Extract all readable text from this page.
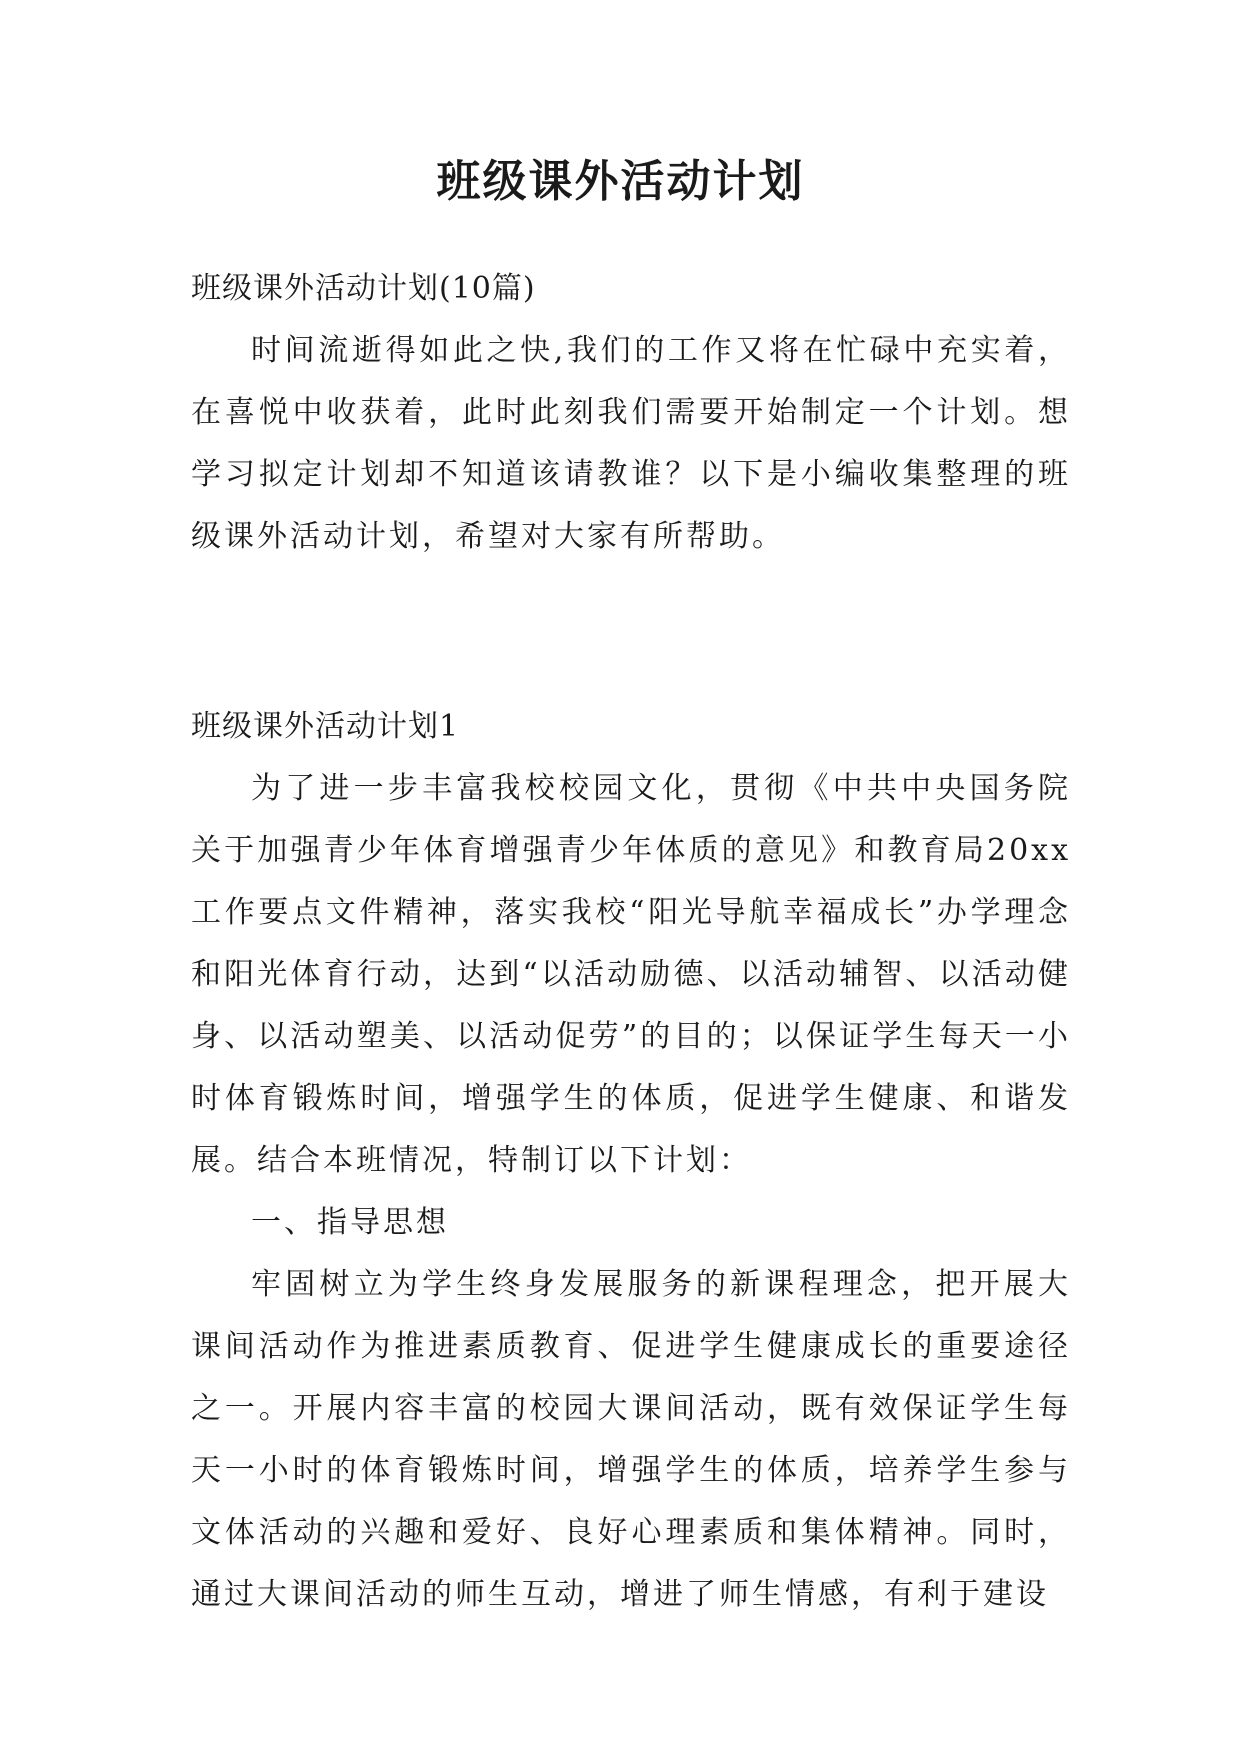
班级课外活动计划

班级课外活动计划(10篇)

时间流逝得如此之快,我们的工作又将在忙碌中充实着，在喜悦中收获着，此时此刻我们需要开始制定一个计划。想学习拟定计划却不知道该请教谁？以下是小编收集整理的班级课外活动计划，希望对大家有所帮助。

班级课外活动计划1

为了进一步丰富我校校园文化，贯彻《中共中央国务院关于加强青少年体育增强青少年体质的意见》和教育局20xx工作要点文件精神，落实我校“阳光导航幸福成长”办学理念和阳光体育行动，达到“以活动励德、以活动辅智、以活动健身、以活动塑美、以活动促劳”的目的；以保证学生每天一小时体育锻炼时间，增强学生的体质，促进学生健康、和谐发展。结合本班情况，特制订以下计划：

一、指导思想

牢固树立为学生终身发展服务的新课程理念，把开展大课间活动作为推进素质教育、促进学生健康成长的重要途径之一。开展内容丰富的校园大课间活动，既有效保证学生每天一小时的体育锻炼时间，增强学生的体质，培养学生参与文体活动的兴趣和爱好、良好心理素质和集体精神。同时，通过大课间活动的师生互动，增进了师生情感，有利于建设
